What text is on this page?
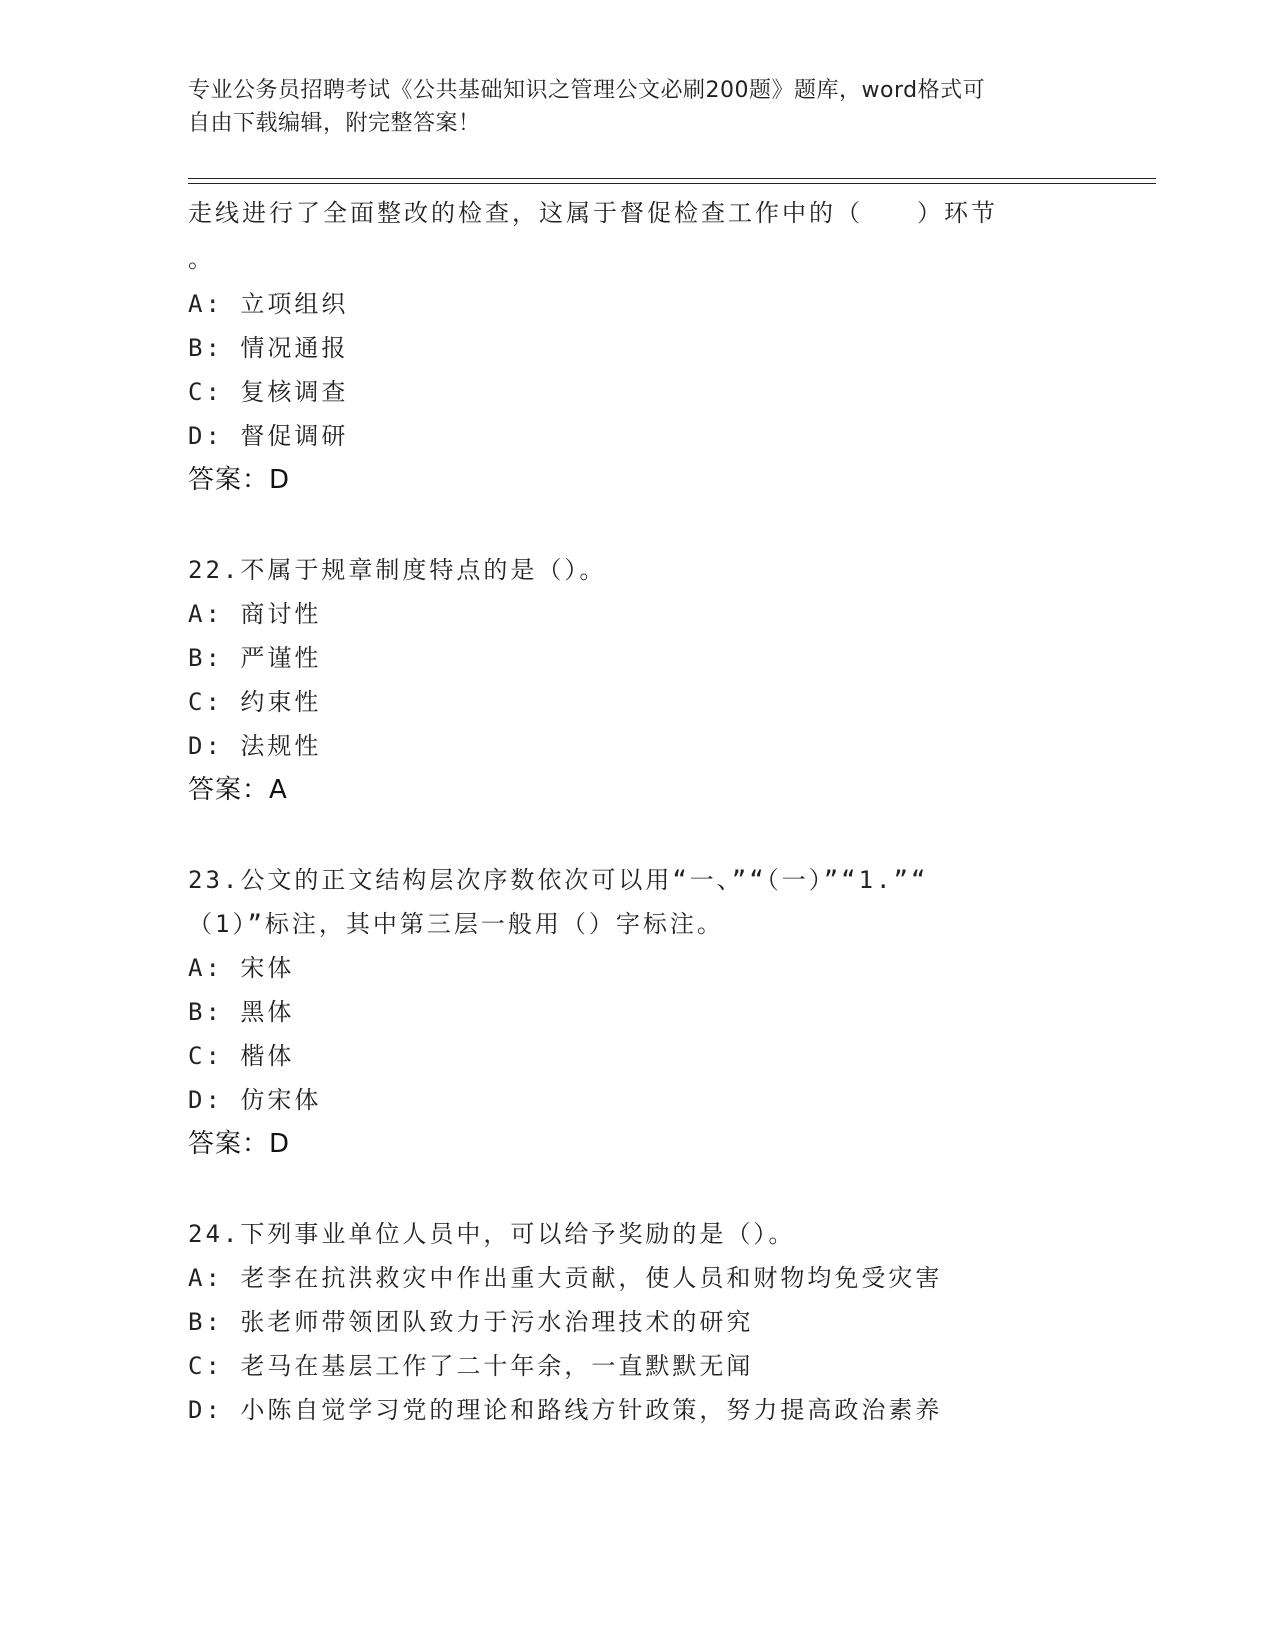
专业公务员招聘考试《公共基础知识之管理公文必刷200题》题库，word格式可
自由下载编辑，附完整答案！
走线进行了全面整改的检查，这属于督促检查工作中的（　　）环节
。
A: 立项组织
B: 情况通报
C: 复核调查
D: 督促调研
答案：D
22.不属于规章制度特点的是（）。
A: 商讨性
B: 严谨性
C: 约束性
D: 法规性
答案：A
23.公文的正文结构层次序数依次可以用“一、”“（一）”“1.”“
（1）”标注，其中第三层一般用（）字标注。
A: 宋体
B: 黑体
C: 楷体
D: 仿宋体
答案：D
24.下列事业单位人员中，可以给予奖励的是（）。
A: 老李在抗洪救灾中作出重大贡献，使人员和财物均免受灾害
B: 张老师带领团队致力于污水治理技术的研究
C: 老马在基层工作了二十年余，一直默默无闻
D: 小陈自觉学习党的理论和路线方针政策，努力提高政治素养
